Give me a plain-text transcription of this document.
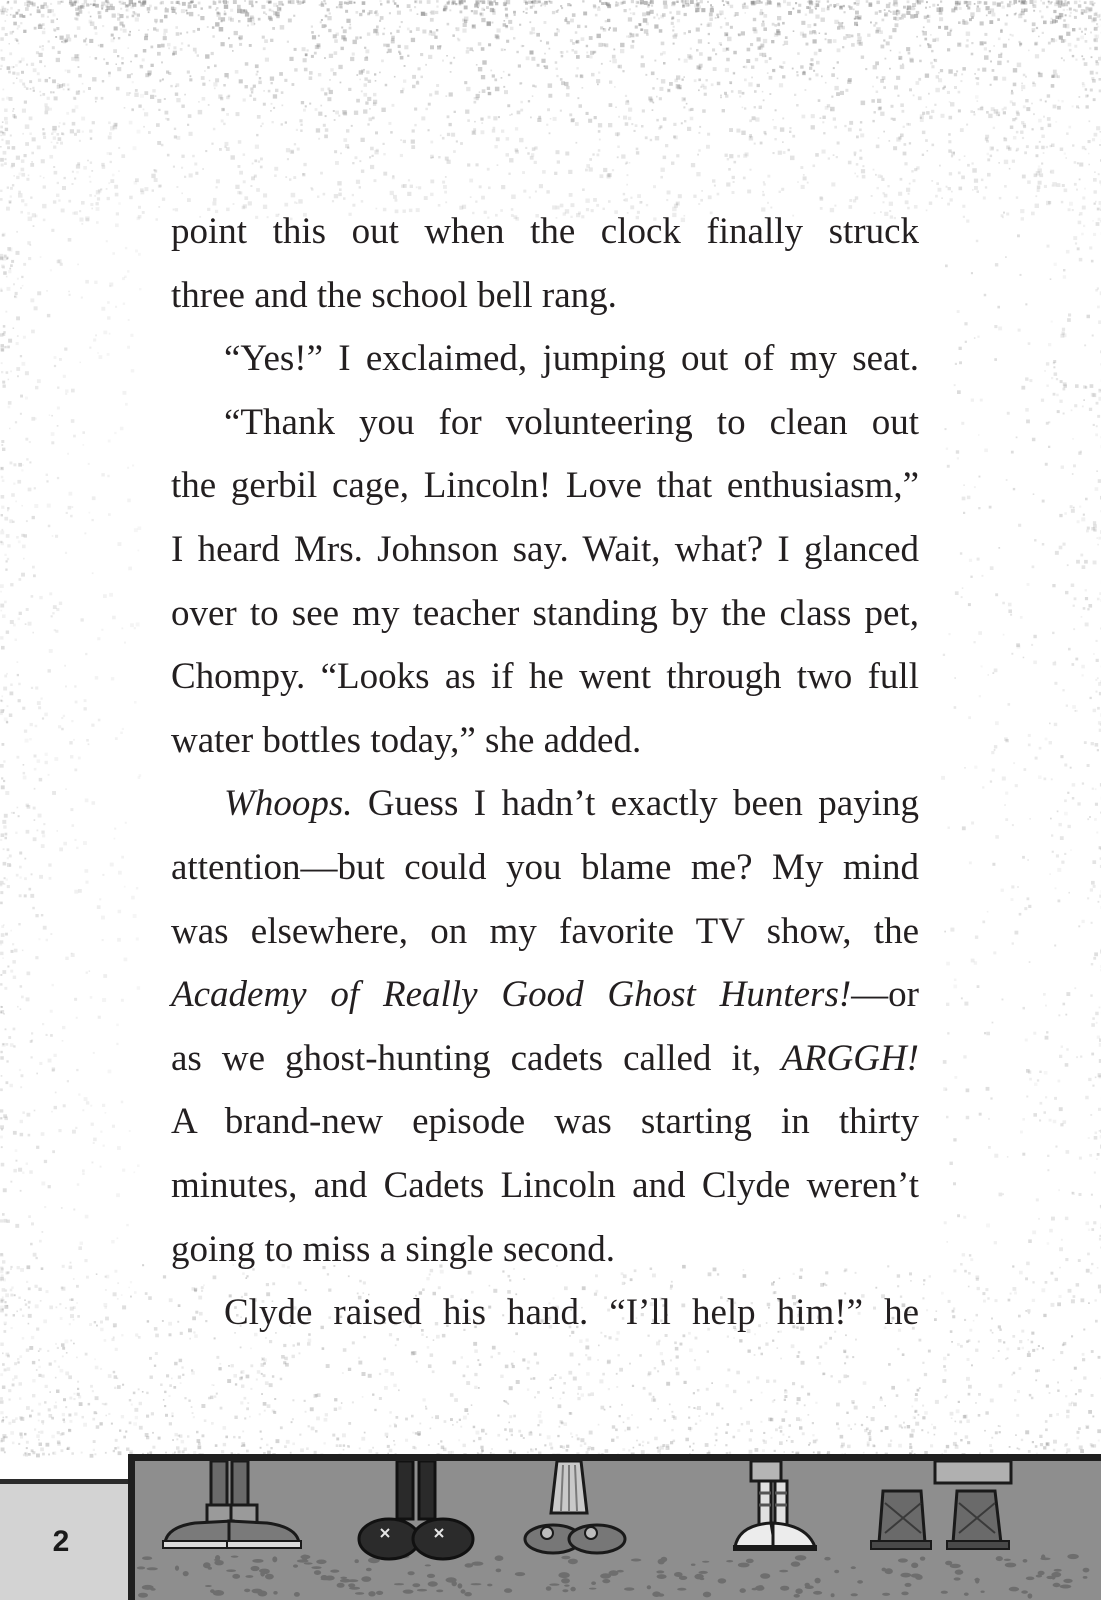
point this out when the clock finally struck
three and the school bell rang.
“Yes!” I exclaimed, jumping out of my seat.
“Thank you for volunteering to clean out
the gerbil cage, Lincoln! Love that enthusiasm,”
I heard Mrs. Johnson say. Wait, what? I glanced
over to see my teacher standing by the class pet,
Chompy. “Looks as if he went through two full
water bottles today,” she added.
Whoops. Guess I hadn’t exactly been paying
attention—but could you blame me? My mind
was elsewhere, on my favorite TV show, the
Academy of Really Good Ghost Hunters!—or
as we ghost-hunting cadets called it, ARGGH!
A brand-new episode was starting in thirty
minutes, and Cadets Lincoln and Clyde weren’t
going to miss a single second.
Clyde raised his hand. “I’ll help him!” he
2
